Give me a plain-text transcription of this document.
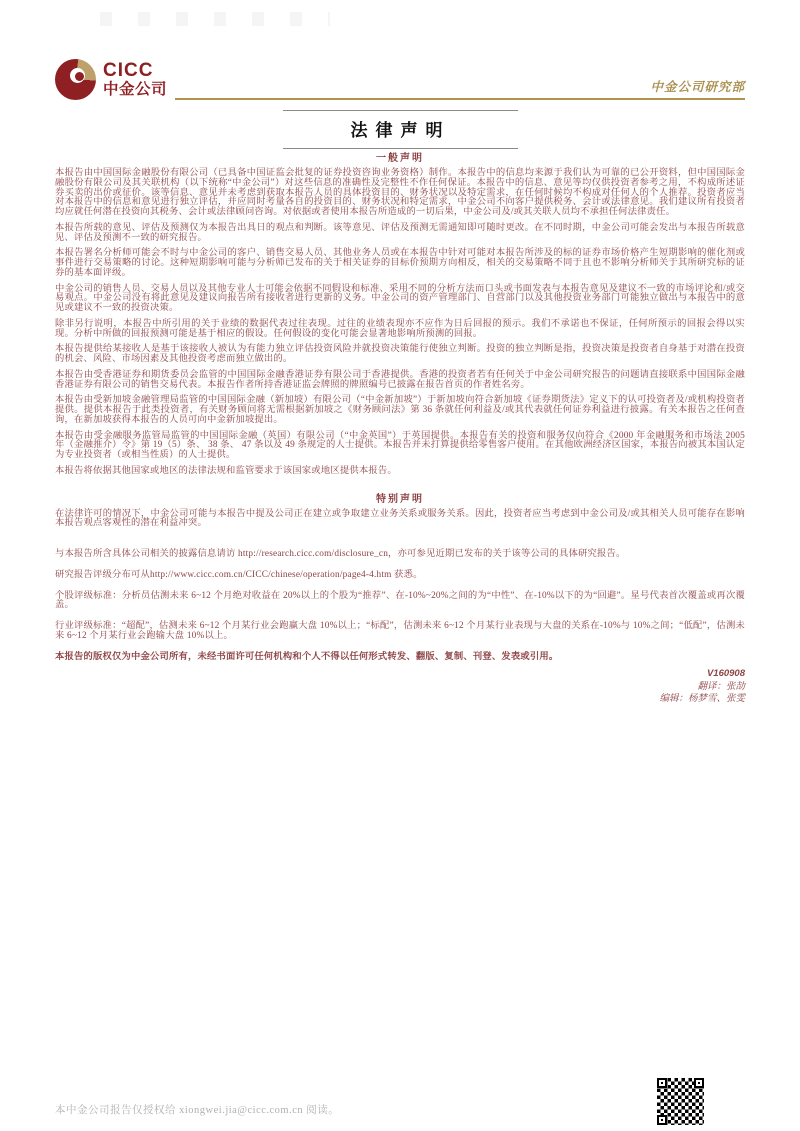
CICC
中金公司	中金公司研究部
法律声明
一般声明

本报告由中国国际金融股份有限公司（已具备中国证监会批复的证券投资咨询业务资格）制作。本报告中的信息均来源于我们认为可靠的已公开资料，但中国国际金融股份有限公司及其关联机构（以下统称“中金公司”）对这些信息的准确性及完整性不作任何保证。本报告中的信息、意见等均仅供投资者参考之用，不构成所述证券买卖的出价或征价。该等信息、意见并未考虑到获取本报告人员的具体投资目的、财务状况以及特定需求，在任何时候均不构成对任何人的个人推荐。投资者应当对本报告中的信息和意见进行独立评估，并应同时考量各自的投资目的、财务状况和特定需求，中金公司不向客户提供税务、会计或法律意见。我们建议所有投资者均应就任何潜在投资向其税务、会计或法律顾问咨询。对依据或者使用本报告所造成的一切后果，中金公司及/或其关联人员均不承担任何法律责任。

本报告所载的意见、评估及预测仅为本报告出具日的观点和判断。该等意见、评估及预测无需通知即可随时更改。在不同时期，中金公司可能会发出与本报告所载意见、评估及预测不一致的研究报告。

本报告署名分析师可能会不时与中金公司的客户、销售交易人员、其他业务人员或在本报告中针对可能对本报告所涉及的标的证券市场价格产生短期影响的催化剂或事件进行交易策略的讨论。这种短期影响可能与分析师已发布的关于相关证券的目标价预期方向相反，相关的交易策略不同于且也不影响分析师关于其所研究标的证券的基本面评级。

中金公司的销售人员、交易人员以及其他专业人士可能会依据不同假设和标准、采用不同的分析方法而口头或书面发表与本报告意见及建议不一致的市场评论和/或交易观点。中金公司没有将此意见及建议向报告所有接收者进行更新的义务。中金公司的资产管理部门、自营部门以及其他投资业务部门可能独立做出与本报告中的意见或建议不一致的投资决策。

除非另行说明，本报告中所引用的关于业绩的数据代表过往表现。过往的业绩表现亦不应作为日后回报的预示。我们不承诺也不保证，任何所预示的回报会得以实现。分析中所做的回报预测可能是基于相应的假设。任何假设的变化可能会显著地影响所预测的回报。

本报告提供给某接收人是基于该接收人被认为有能力独立评估投资风险并就投资决策能行使独立判断。投资的独立判断是指，投资决策是投资者自身基于对潜在投资的机会、风险、市场因素及其他投资考虑而独立做出的。

本报告由受香港证券和期货委员会监管的中国国际金融香港证券有限公司于香港提供。香港的投资者若有任何关于中金公司研究报告的问题请直接联系中国国际金融香港证券有限公司的销售交易代表。本报告作者所持香港证监会牌照的牌照编号已披露在报告首页的作者姓名旁。

本报告由受新加坡金融管理局监管的中国国际金融（新加坡）有限公司（“中金新加坡”）于新加坡向符合新加坡《证券期货法》定义下的认可投资者及/或机构投资者提供。提供本报告于此类投资者，有关财务顾问将无需根据新加坡之《财务顾问法》第 36 条就任何利益及/或其代表就任何证券利益进行披露。有关本报告之任何查询，在新加坡获得本报告的人员可向中金新加坡提出。

本报告由受金融服务监管局监管的中国国际金融（英国）有限公司（“中金英国”）于英国提供。本报告有关的投资和服务仅向符合《2000 年金融服务和市场法 2005 年（金融推介）令》第 19（5）条、 38 条、 47 条以及 49 条规定的人士提供。本报告并未打算提供给零售客户使用。在其他欧洲经济区国家，本报告向被其本国认定为专业投资者（或相当性质）的人士提供。

本报告将依据其他国家或地区的法律法规和监管要求于该国家或地区提供本报告。

特别声明

在法律许可的情况下，中金公司可能与本报告中提及公司正在建立或争取建立业务关系或服务关系。因此，投资者应当考虑到中金公司及/或其相关人员可能存在影响本报告观点客观性的潜在利益冲突。

与本报告所含具体公司相关的披露信息请访 http://research.cicc.com/disclosure_cn，亦可参见近期已发布的关于该等公司的具体研究报告。

研究报告评级分布可从http://www.cicc.com.cn/CICC/chinese/operation/page4-4.htm 获悉。

个股评级标准：分析员估测未来 6~12 个月绝对收益在 20%以上的个股为“推荐”、在-10%~20%之间的为“中性”、在-10%以下的为“回避”。星号代表首次覆盖或再次覆盖。

行业评级标准：“超配”，估测未来 6~12 个月某行业会跑赢大盘 10%以上；“标配”，估测未来 6~12 个月某行业表现与大盘的关系在-10%与 10%之间；“低配”，估测未来 6~12 个月某行业会跑输大盘 10%以上。

本报告的版权仅为中金公司所有，未经书面许可任何机构和个人不得以任何形式转发、翻版、复制、刊登、发表或引用。

V160908
翻译：张劼
编辑：杨梦雪、张雯
本中金公司报告仅授权给 xiongwei.jia@cicc.com.cn 阅读。
